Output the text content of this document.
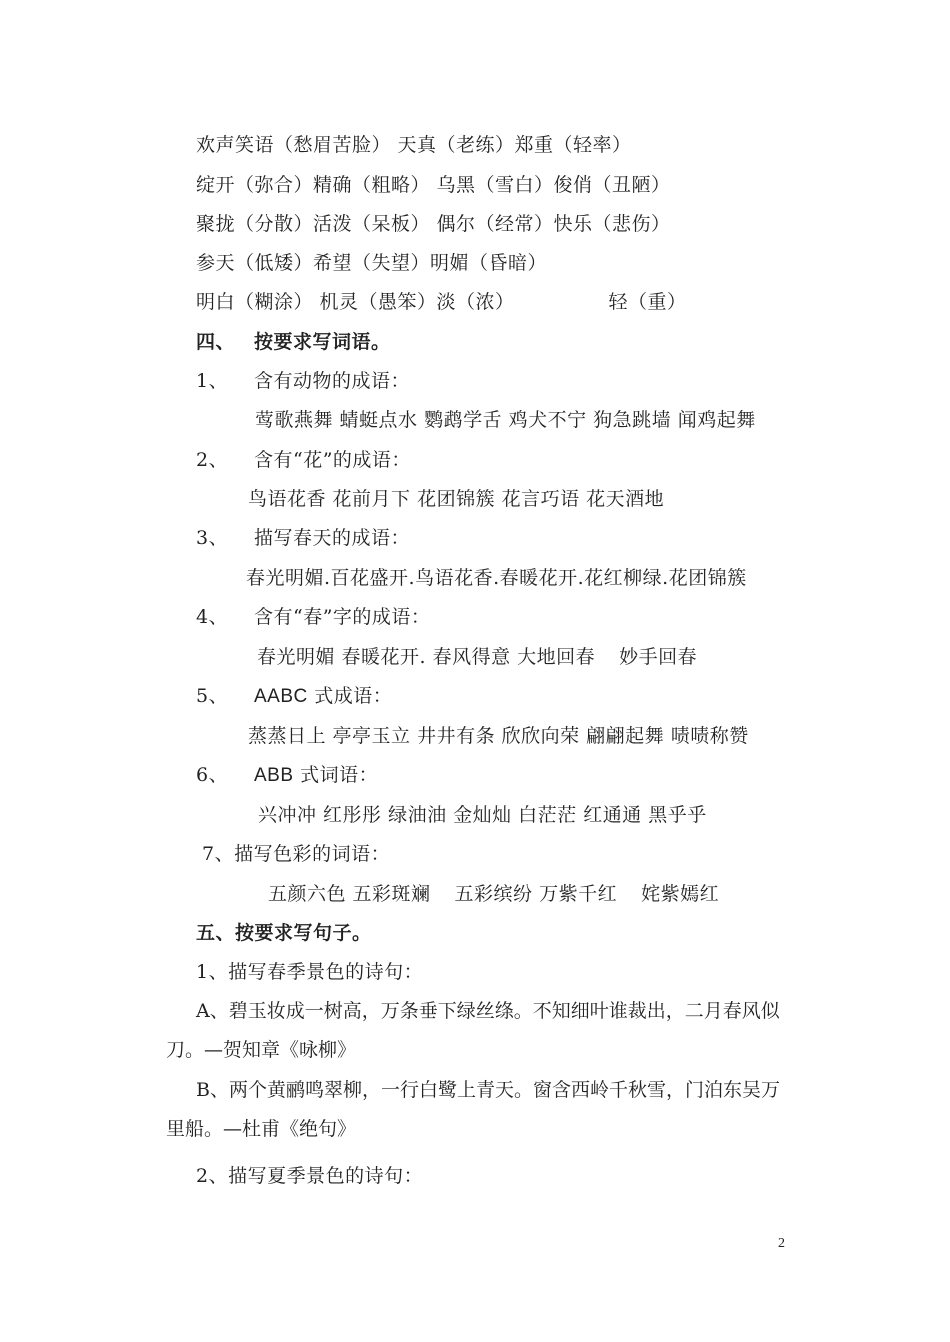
欢声笑语（愁眉苦脸） 天真（老练）郑重（轻率）
绽开（弥合）精确（粗略） 乌黑（雪白）俊俏（丑陋）
聚拢（分散）活泼（呆板） 偶尔（经常）快乐（悲伤）
参天（低矮）希望（失望）明媚（昏暗）
明白（糊涂） 机灵（愚笨）淡（浓）	轻（重）
四、 按要求写词语。
1、 含有动物的成语：
莺歌燕舞 蜻蜓点水 鹦鹉学舌 鸡犬不宁 狗急跳墙 闻鸡起舞
2、 含有“花”的成语：
鸟语花香 花前月下 花团锦簇 花言巧语 花天酒地
3、 描写春天的成语：
春光明媚.百花盛开.鸟语花香.春暖花开.花红柳绿.花团锦簇
4、 含有“春”字的成语：
春光明媚 春暖花开. 春风得意 大地回春 妙手回春
5、 AABC 式成语：
蒸蒸日上 亭亭玉立 井井有条 欣欣向荣 翩翩起舞 啧啧称赞
6、 ABB 式词语：
兴冲冲 红彤彤 绿油油 金灿灿 白茫茫 红通通 黑乎乎
7、描写色彩的词语：
五颜六色 五彩斑斓 五彩缤纷 万紫千红 姹紫嫣红
五、按要求写句子。
1、描写春季景色的诗句：
A、碧玉妆成一树高，万条垂下绿丝绦。不知细叶谁裁出，二月春风似刀。—贺知章《咏柳》
B、两个黄鹂鸣翠柳，一行白鹭上青天。窗含西岭千秋雪，门泊东吴万里船。—杜甫《绝句》
2、描写夏季景色的诗句：
2
